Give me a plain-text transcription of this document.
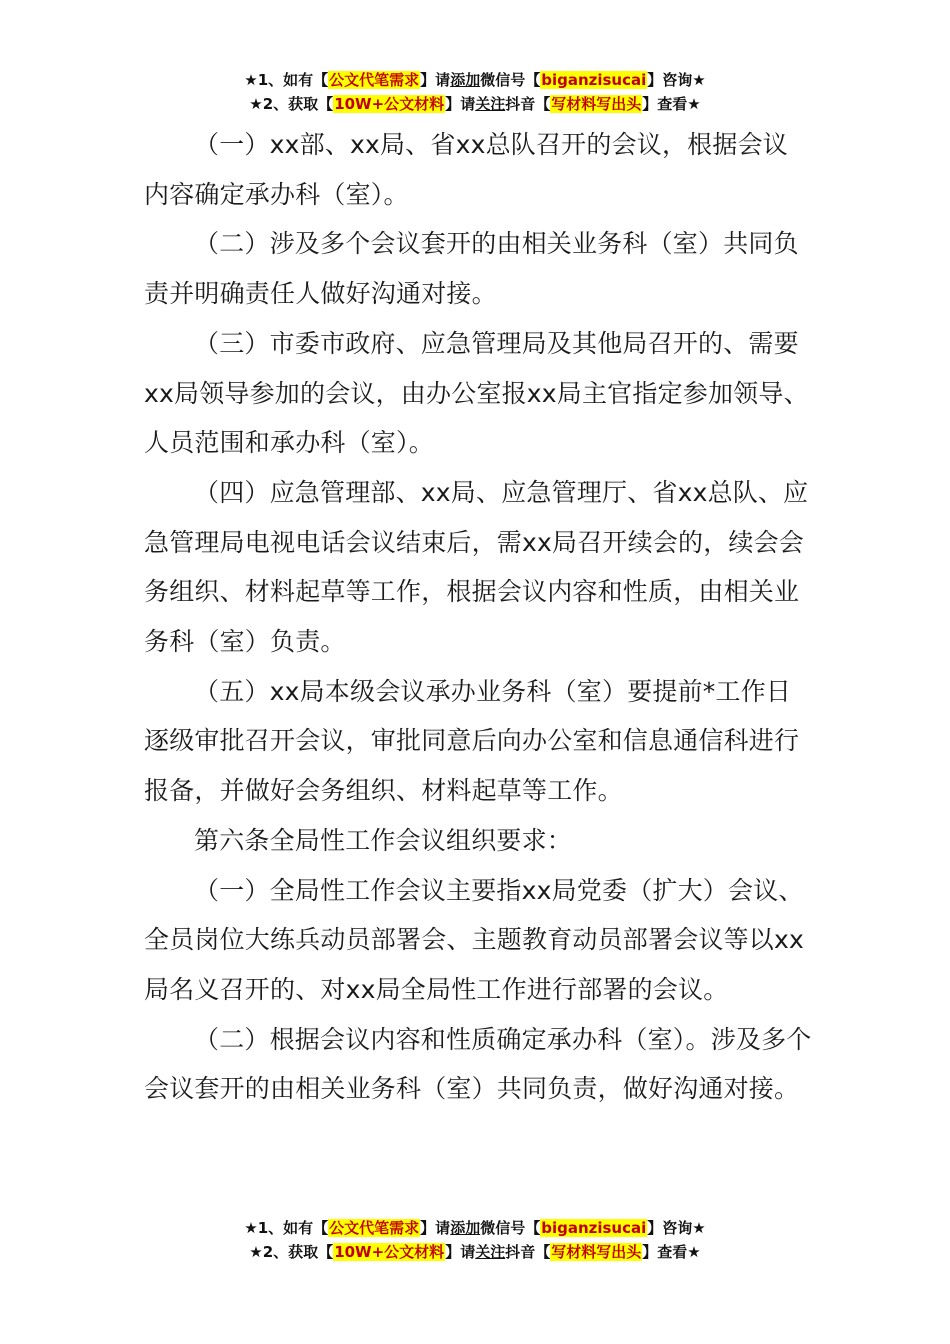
★1、如有【公文代笔需求】请添加微信号【biganzisucai】咨询★
★2、获取【10W+公文材料】请关注抖音【写材料写出头】查看★

（一）xx部、xx局、省xx总队召开的会议，根据会议内容确定承办科（室）。

（二）涉及多个会议套开的由相关业务科（室）共同负责并明确责任人做好沟通对接。

（三）市委市政府、应急管理局及其他局召开的、需要xx局领导参加的会议，由办公室报xx局主官指定参加领导、人员范围和承办科（室）。

（四）应急管理部、xx局、应急管理厅、省xx总队、应急管理局电视电话会议结束后，需xx局召开续会的，续会会务组织、材料起草等工作，根据会议内容和性质，由相关业务科（室）负责。

（五）xx局本级会议承办业务科（室）要提前*工作日逐级审批召开会议，审批同意后向办公室和信息通信科进行报备，并做好会务组织、材料起草等工作。

第六条全局性工作会议组织要求：

（一）全局性工作会议主要指xx局党委（扩大）会议、全员岗位大练兵动员部署会、主题教育动员部署会议等以xx局名义召开的、对xx局全局性工作进行部署的会议。

（二）根据会议内容和性质确定承办科（室）。涉及多个会议套开的由相关业务科（室）共同负责，做好沟通对接。

★1、如有【公文代笔需求】请添加微信号【biganzisucai】咨询★
★2、获取【10W+公文材料】请关注抖音【写材料写出头】查看★
